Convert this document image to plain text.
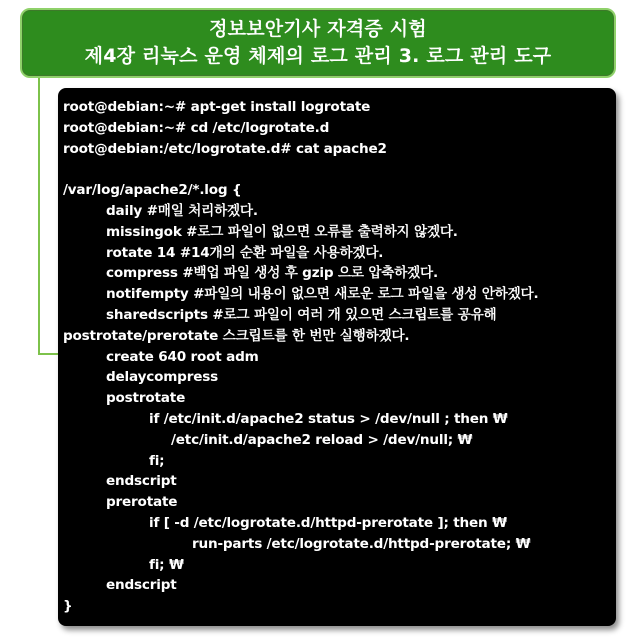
정보보안기사 자격증 시험
제4장 리눅스 운영 체제의 로그 관리 3. 로그 관리 도구
root@debian:~# apt-get install logrotate
root@debian:~# cd /etc/logrotate.d
root@debian:/etc/logrotate.d# cat apache2
/var/log/apache2/*.log {
daily #매일 처리하겠다.
missingok #로그 파일이 없으면 오류를 출력하지 않겠다.
rotate 14 #14개의 순환 파일을 사용하겠다.
compress #백업 파일 생성 후 gzip 으로 압축하겠다.
notifempty #파일의 내용이 없으면 새로운 로그 파일을 생성 안하겠다.
sharedscripts #로그 파일이 여러 개 있으면 스크립트를 공유해
postrotate/prerotate 스크립트를 한 번만 실행하겠다.
create 640 root adm
delaycompress
postrotate
if /etc/init.d/apache2 status > /dev/null ; then ₩
/etc/init.d/apache2 reload > /dev/null; ₩
fi;
endscript
prerotate
if [ -d /etc/logrotate.d/httpd-prerotate ]; then ₩
run-parts /etc/logrotate.d/httpd-prerotate; ₩
fi; ₩
endscript
}
